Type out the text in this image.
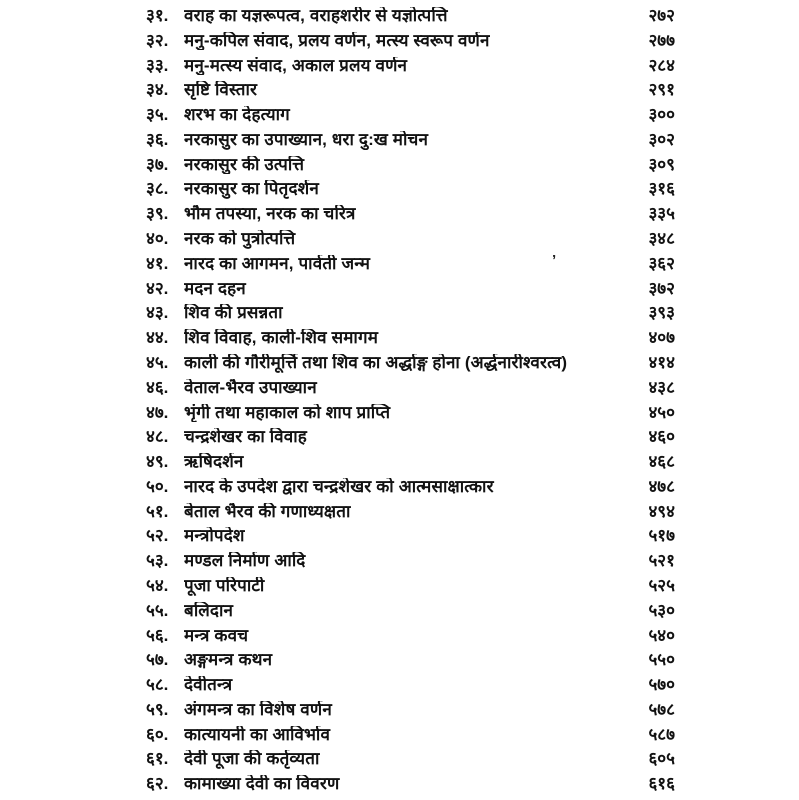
३१. वराह का यज्ञरूपत्व, वराहशरीर से यज्ञोत्पत्ति	२७२
३२. मनु-कपिल संवाद, प्रलय वर्णन, मत्स्य स्वरूप वर्णन	२७७
३३. मनु-मत्स्य संवाद, अकाल प्रलय वर्णन	२८४
३४. सृष्टि विस्तार	२९१
३५. शरभ का देहत्याग	३००
३६. नरकासुर का उपाख्यान, धरा दु:ख मोचन	३०२
३७. नरकासुर की उत्पत्ति	३०९
३८. नरकासुर का पितृदर्शन	३१६
३९. भौम तपस्या, नरक का चरित्र	३३५
४०. नरक को पुत्रोत्पत्ति	३४८
४१. नारद का आगमन, पार्वती जन्म	३६२
४२. मदन दहन	३७२
४३. शिव की प्रसन्नता	३९३
४४. शिव विवाह, काली-शिव समागम	४०७
४५. काली की गौरीमूर्त्ति तथा शिव का अर्द्धाङ्ग होना (अर्द्धनारीश्वरत्व)	४१४
४६. वेताल-भैरव उपाख्यान	४३८
४७. भृंगी तथा महाकाल को शाप प्राप्ति	४५०
४८. चन्द्रशेखर का विवाह	४६०
४९. ऋषिदर्शन	४६८
५०. नारद के उपदेश द्वारा चन्द्रशेखर को आत्मसाक्षात्कार	४७८
५१. बेताल भैरव की गणाध्यक्षता	४९४
५२. मन्त्रोपदेश	५१७
५३. मण्डल निर्माण आदि	५२१
५४. पूजा परिपाटी	५२५
५५. बलिदान	५३०
५६. मन्त्र कवच	५४०
५७. अङ्गमन्त्र कथन	५५०
५८. देवीतन्त्र	५७०
५९. अंगमन्त्र का विशेष वर्णन	५७८
६०. कात्यायनी का आविर्भाव	५८७
६१. देवी पूजा की कर्तृव्यता	६०५
६२. कामाख्या देवी का विवरण	६१६
’
